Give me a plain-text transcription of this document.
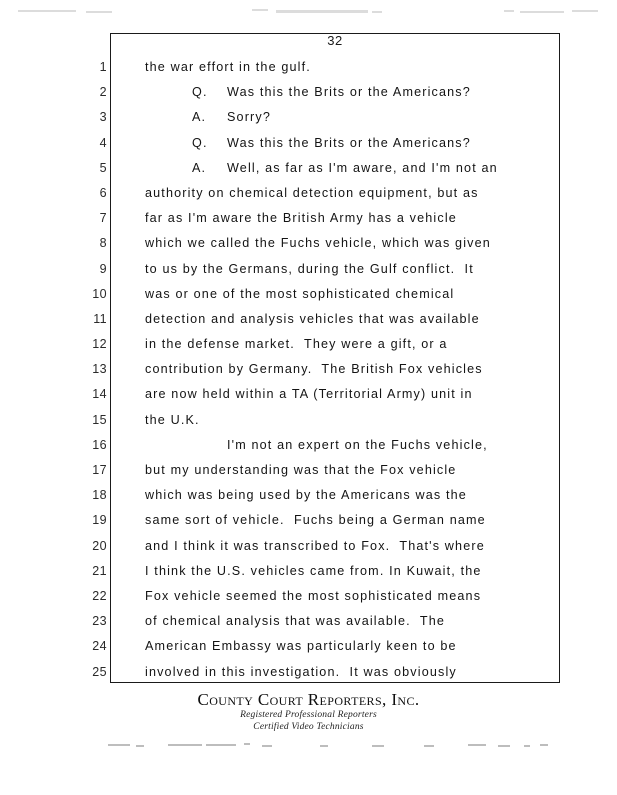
32
1
2
3
4
5
6
7
8
9
10
11
12
13
14
15
16
17
18
19
20
21
22
23
24
25
the war effort in the gulf.
Q. Was this the Brits or the Americans?
A. Sorry?
Q. Was this the Brits or the Americans?
A. Well, as far as I'm aware, and I'm not an
authority on chemical detection equipment, but as
far as I'm aware the British Army has a vehicle
which we called the Fuchs vehicle, which was given
to us by the Germans, during the Gulf conflict.  It
was or one of the most sophisticated chemical
detection and analysis vehicles that was available
in the defense market.  They were a gift, or a
contribution by Germany.  The British Fox vehicles
are now held within a TA (Territorial Army) unit in
the U.K.
I'm not an expert on the Fuchs vehicle,
but my understanding was that the Fox vehicle
which was being used by the Americans was the
same sort of vehicle.  Fuchs being a German name
and I think it was transcribed to Fox.  That's where
I think the U.S. vehicles came from. In Kuwait, the
Fox vehicle seemed the most sophisticated means
of chemical analysis that was available.  The
American Embassy was particularly keen to be
involved in this investigation.  It was obviously
County Court Reporters, Inc.
Registered Professional Reporters
Certified Video Technicians
